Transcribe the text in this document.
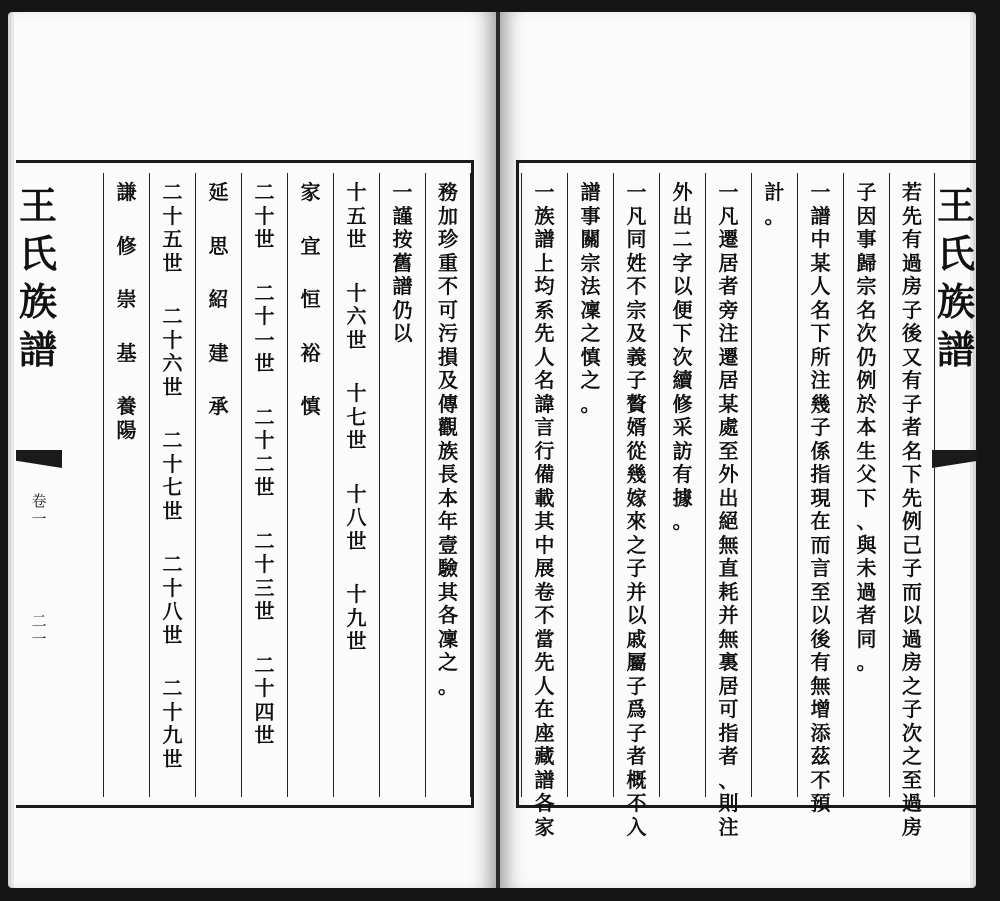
務
加
珍
重
不
可
污
損
及
傳
觀
族
長
本
年
壹
驗
其
各
凜
之
。
一
謹
按
舊
譜
仍
以
十
五
世
十
六
世
十
七
世
十
八
世
十
九
世
家
宜
恒
裕
慎
二
十
世
二
十
一
世
二
十
二
世
二
十
三
世
二
十
四
世
延
思
紹
建
承
二
十
五
世
二
十
六
世
二
十
七
世
二
十
八
世
二
十
九
世
謙
修
崇
基
養
陽
若
先
有
過
房
子
後
又
有
子
者
名
下
先
例
己
子
而
以
過
房
之
子
次
之
至
過
房
子
因
事
歸
宗
名
次
仍
例
於
本
生
父
下
、
與
未
過
者
同
。
一
譜
中
某
人
名
下
所
注
幾
子
係
指
現
在
而
言
至
以
後
有
無
增
添
茲
不
預
計
。
一
凡
遷
居
者
旁
注
遷
居
某
處
至
外
出
絕
無
直
耗
并
無
裏
居
可
指
者
、
則
注
外
出
二
字
以
便
下
次
續
修
采
訪
有
據
。
一
凡
同
姓
不
宗
及
義
子
贅
婿
從
幾
嫁
來
之
子
并
以
戚
屬
子
爲
子
者
概
不
入
譜
事
關
宗
法
凜
之
慎
之
。
一
族
譜
上
均
系
先
人
名
諱
言
行
備
載
其
中
展
卷
不
當
先
人
在
座
藏
譜
各
家
王
氏
族
譜
王
氏
族
譜
卷
一
二
一
